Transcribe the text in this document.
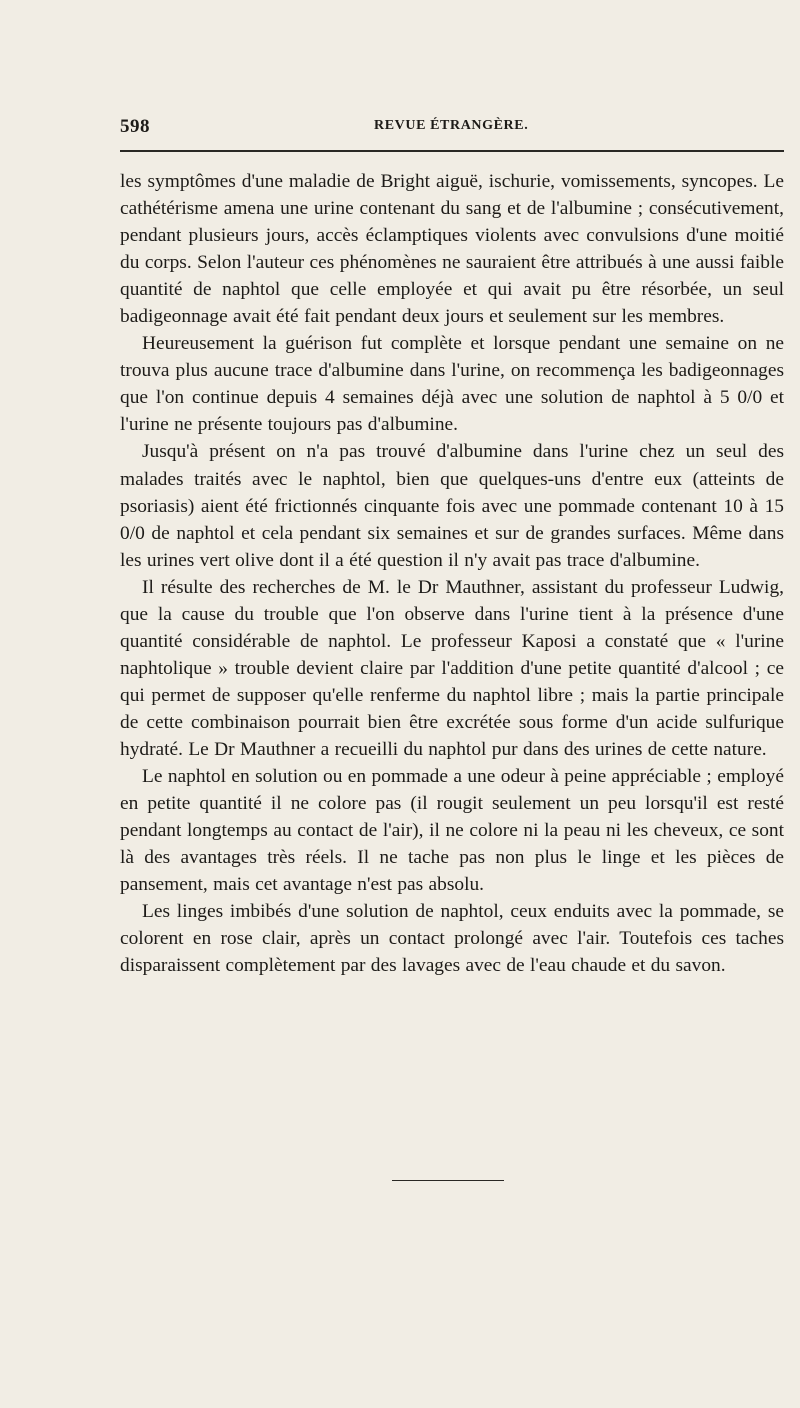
598	REVUE ÉTRANGÈRE.

les symptômes d'une maladie de Bright aiguë, ischurie, vomissements, syncopes. Le cathétérisme amena une urine contenant du sang et de l'albumine ; consécutivement, pendant plusieurs jours, accès éclamptiques violents avec convulsions d'une moitié du corps. Selon l'auteur ces phénomènes ne sauraient être attribués à une aussi faible quantité de naphtol que celle employée et qui avait pu être résorbée, un seul badigeonnage avait été fait pendant deux jours et seulement sur les membres.

Heureusement la guérison fut complète et lorsque pendant une semaine on ne trouva plus aucune trace d'albumine dans l'urine, on recommença les badigeonnages que l'on continue depuis 4 semaines déjà avec une solution de naphtol à 5 0/0 et l'urine ne présente toujours pas d'albumine.

Jusqu'à présent on n'a pas trouvé d'albumine dans l'urine chez un seul des malades traités avec le naphtol, bien que quelques-uns d'entre eux (atteints de psoriasis) aient été frictionnés cinquante fois avec une pommade contenant 10 à 15 0/0 de naphtol et cela pendant six semaines et sur de grandes surfaces. Même dans les urines vert olive dont il a été question il n'y avait pas trace d'albumine.

Il résulte des recherches de M. le Dr Mauthner, assistant du professeur Ludwig, que la cause du trouble que l'on observe dans l'urine tient à la présence d'une quantité considérable de naphtol. Le professeur Kaposi a constaté que « l'urine naphtolique » trouble devient claire par l'addition d'une petite quantité d'alcool ; ce qui permet de supposer qu'elle renferme du naphtol libre ; mais la partie principale de cette combinaison pourrait bien être excrétée sous forme d'un acide sulfurique hydraté. Le Dr Mauthner a recueilli du naphtol pur dans des urines de cette nature.

Le naphtol en solution ou en pommade a une odeur à peine appréciable ; employé en petite quantité il ne colore pas (il rougit seulement un peu lorsqu'il est resté pendant longtemps au contact de l'air), il ne colore ni la peau ni les cheveux, ce sont là des avantages très réels. Il ne tache pas non plus le linge et les pièces de pansement, mais cet avantage n'est pas absolu.

Les linges imbibés d'une solution de naphtol, ceux enduits avec la pommade, se colorent en rose clair, après un contact prolongé avec l'air. Toutefois ces taches disparaissent complètement par des lavages avec de l'eau chaude et du savon.
